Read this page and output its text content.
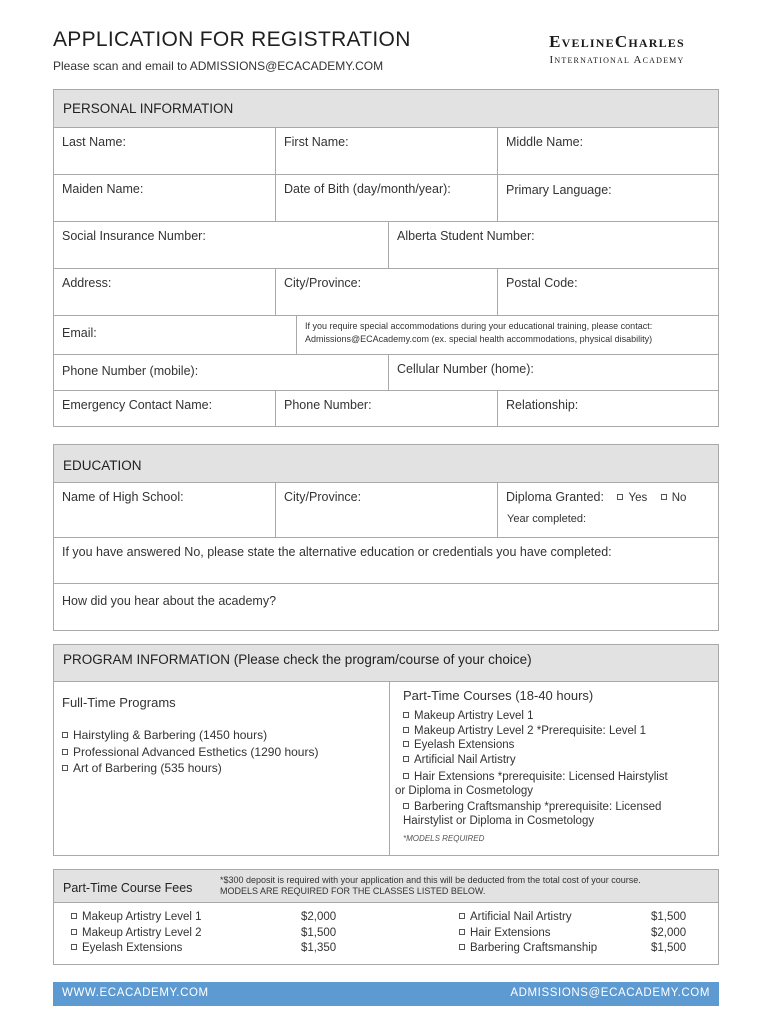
APPLICATION FOR REGISTRATION
Please scan and email to ADMISSIONS@ECACADEMY.COM
EvelineCharles
International Academy
PERSONAL INFORMATION
Last Name:	First Name:	Middle Name:
Maiden Name:	Date of Bith (day/month/year):	Primary Language:
Social Insurance Number:	Alberta Student Number:
Address:	City/Province:	Postal Code:
Email:	If you require special accommodations during your educational training, please contact: Admissions@ECAcademy.com (ex. special health accommodations, physical disability)
Phone Number (mobile):	Cellular Number (home):
Emergency Contact Name:	Phone Number:	Relationship:
EDUCATION
Name of High School:	City/Province:	Diploma Granted: Yes No
Year completed:
If you have answered No, please state the alternative education or credentials you have completed:
How did you hear about the academy?
PROGRAM INFORMATION (Please check the program/course of your choice)
Full-Time Programs
Hairstyling & Barbering (1450 hours)
Professional Advanced Esthetics (1290 hours)
Art of Barbering (535 hours)
Part-Time Courses (18-40 hours)
Makeup Artistry Level 1
Makeup Artistry Level 2 *Prerequisite: Level 1
Eyelash Extensions
Artificial Nail Artistry
Hair Extensions *prerequisite: Licensed Hairstylist
or Diploma in Cosmetology
Barbering Craftsmanship *prerequisite: Licensed
Hairstylist or Diploma in Cosmetology
*MODELS REQUIRED
Part-Time Course Fees
*$300 deposit is required with your application and this will be deducted from the total cost of your course. MODELS ARE REQUIRED FOR THE CLASSES LISTED BELOW.
Makeup Artistry Level 1	$2,000
Makeup Artistry Level 2	$1,500
Eyelash Extensions	$1,350
Artificial Nail Artistry	$1,500
Hair Extensions	$2,000
Barbering Craftsmanship	$1,500
WWW.ECACADEMY.COM	ADMISSIONS@ECACADEMY.COM
